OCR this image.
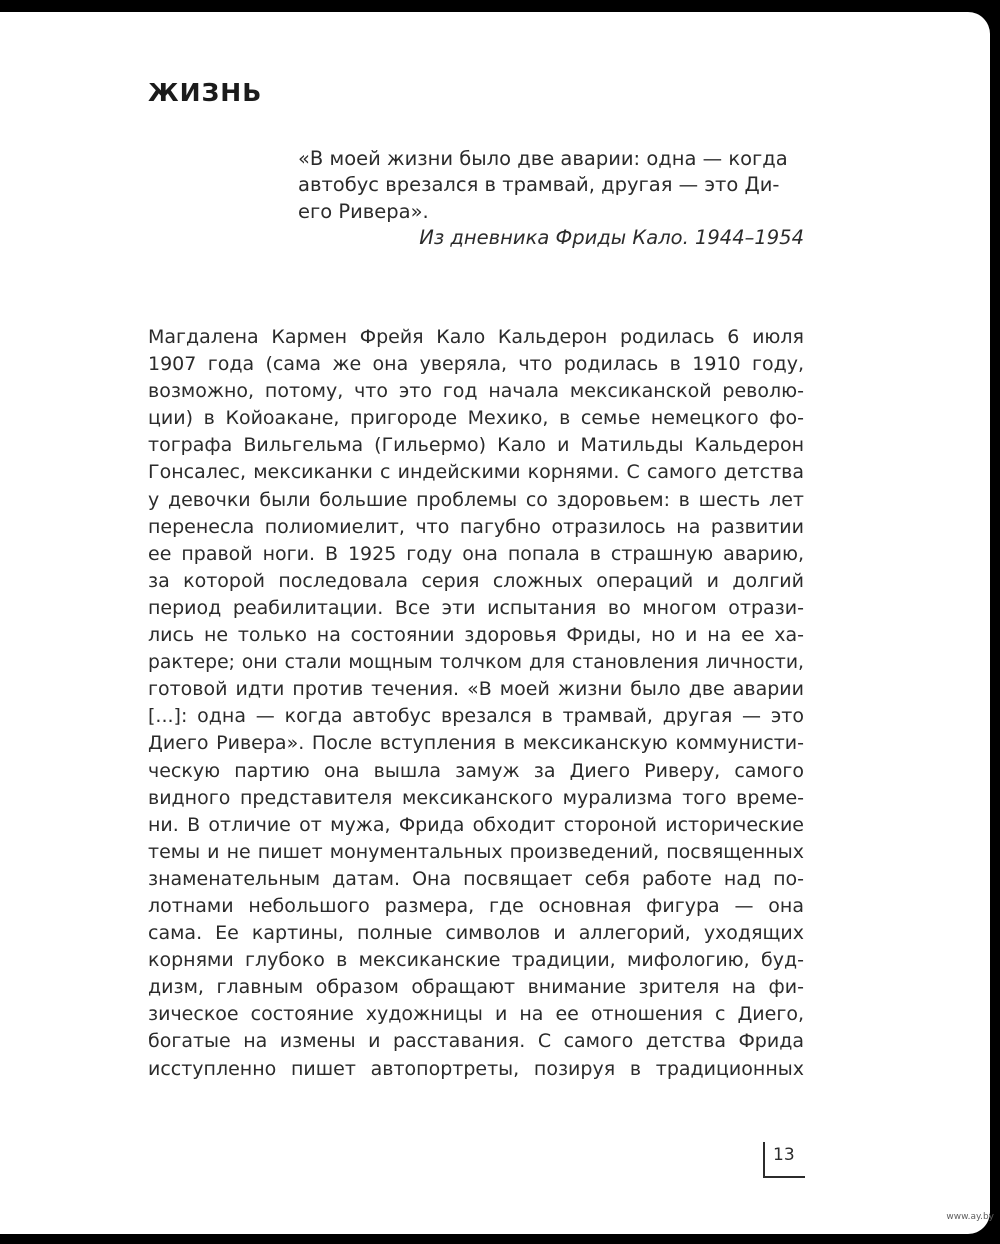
ЖИЗНЬ
«В моей жизни было две аварии: одна — когда
автобус врезался в трамвай, другая — это Ди-
его Ривера».
Из дневника Фриды Кало. 1944–1954
Магдалена Кармен Фрейя Кало Кальдерон родилась 6 июля
1907 года (сама же она уверяла, что родилась в 1910 году,
возможно, потому, что это год начала мексиканской револю-
ции) в Койоакане, пригороде Мехико, в семье немецкого фо-
тографа Вильгельма (Гильермо) Кало и Матильды Кальдерон
Гонсалес, мексиканки с индейскими корнями. С самого детства
у девочки были большие проблемы со здоровьем: в шесть лет
перенесла полиомиелит, что пагубно отразилось на развитии
ее правой ноги. В 1925 году она попала в страшную аварию,
за которой последовала серия сложных операций и долгий
период реабилитации. Все эти испытания во многом отрази-
лись не только на состоянии здоровья Фриды, но и на ее ха-
рактере; они стали мощным толчком для становления личности,
готовой идти против течения. «В моей жизни было две аварии
[...]: одна — когда автобус врезался в трамвай, другая — это
Диего Ривера». После вступления в мексиканскую коммунисти-
ческую партию она вышла замуж за Диего Риверу, самого
видного представителя мексиканского мурализма того време-
ни. В отличие от мужа, Фрида обходит стороной исторические
темы и не пишет монументальных произведений, посвященных
знаменательным датам. Она посвящает себя работе над по-
лотнами небольшого размера, где основная фигура — она
сама. Ее картины, полные символов и аллегорий, уходящих
корнями глубоко в мексиканские традиции, мифологию, буд-
дизм, главным образом обращают внимание зрителя на фи-
зическое состояние художницы и на ее отношения с Диего,
богатые на измены и расставания. С самого детства Фрида
исступленно пишет автопортреты, позируя в традиционных
13
www.ay.by
